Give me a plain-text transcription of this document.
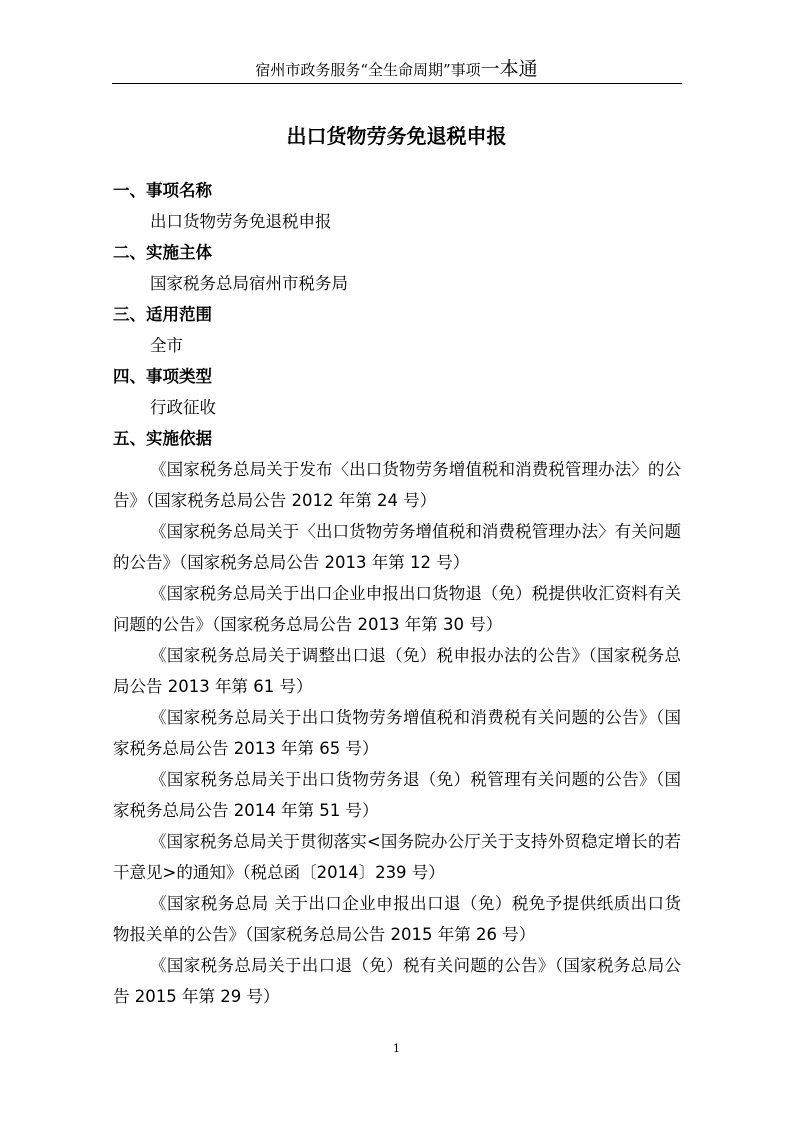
宿州市政务服务“全生命周期”事项一本通
出口货物劳务免退税申报
一、事项名称
出口货物劳务免退税申报
二、实施主体
国家税务总局宿州市税务局
三、适用范围
全市
四、事项类型
行政征收
五、实施依据

《国家税务总局关于发布〈出口货物劳务增值税和消费税管理办法〉的公告》（国家税务总局公告 2012 年第 24 号）

《国家税务总局关于〈出口货物劳务增值税和消费税管理办法〉有关问题的公告》（国家税务总局公告 2013 年第 12 号）

《国家税务总局关于出口企业申报出口货物退（免）税提供收汇资料有关问题的公告》（国家税务总局公告 2013 年第 30 号）

《国家税务总局关于调整出口退（免）税申报办法的公告》（国家税务总局公告 2013 年第 61 号）

《国家税务总局关于出口货物劳务增值税和消费税有关问题的公告》（国家税务总局公告 2013 年第 65 号）

《国家税务总局关于出口货物劳务退（免）税管理有关问题的公告》（国家税务总局公告 2014 年第 51 号）

《国家税务总局关于贯彻落实<国务院办公厅关于支持外贸稳定增长的若干意见>的通知》（税总函〔2014〕239 号）

《国家税务总局 关于出口企业申报出口退（免）税免予提供纸质出口货物报关单的公告》（国家税务总局公告 2015 年第 26 号）

《国家税务总局关于出口退（免）税有关问题的公告》（国家税务总局公告 2015 年第 29 号）

1
